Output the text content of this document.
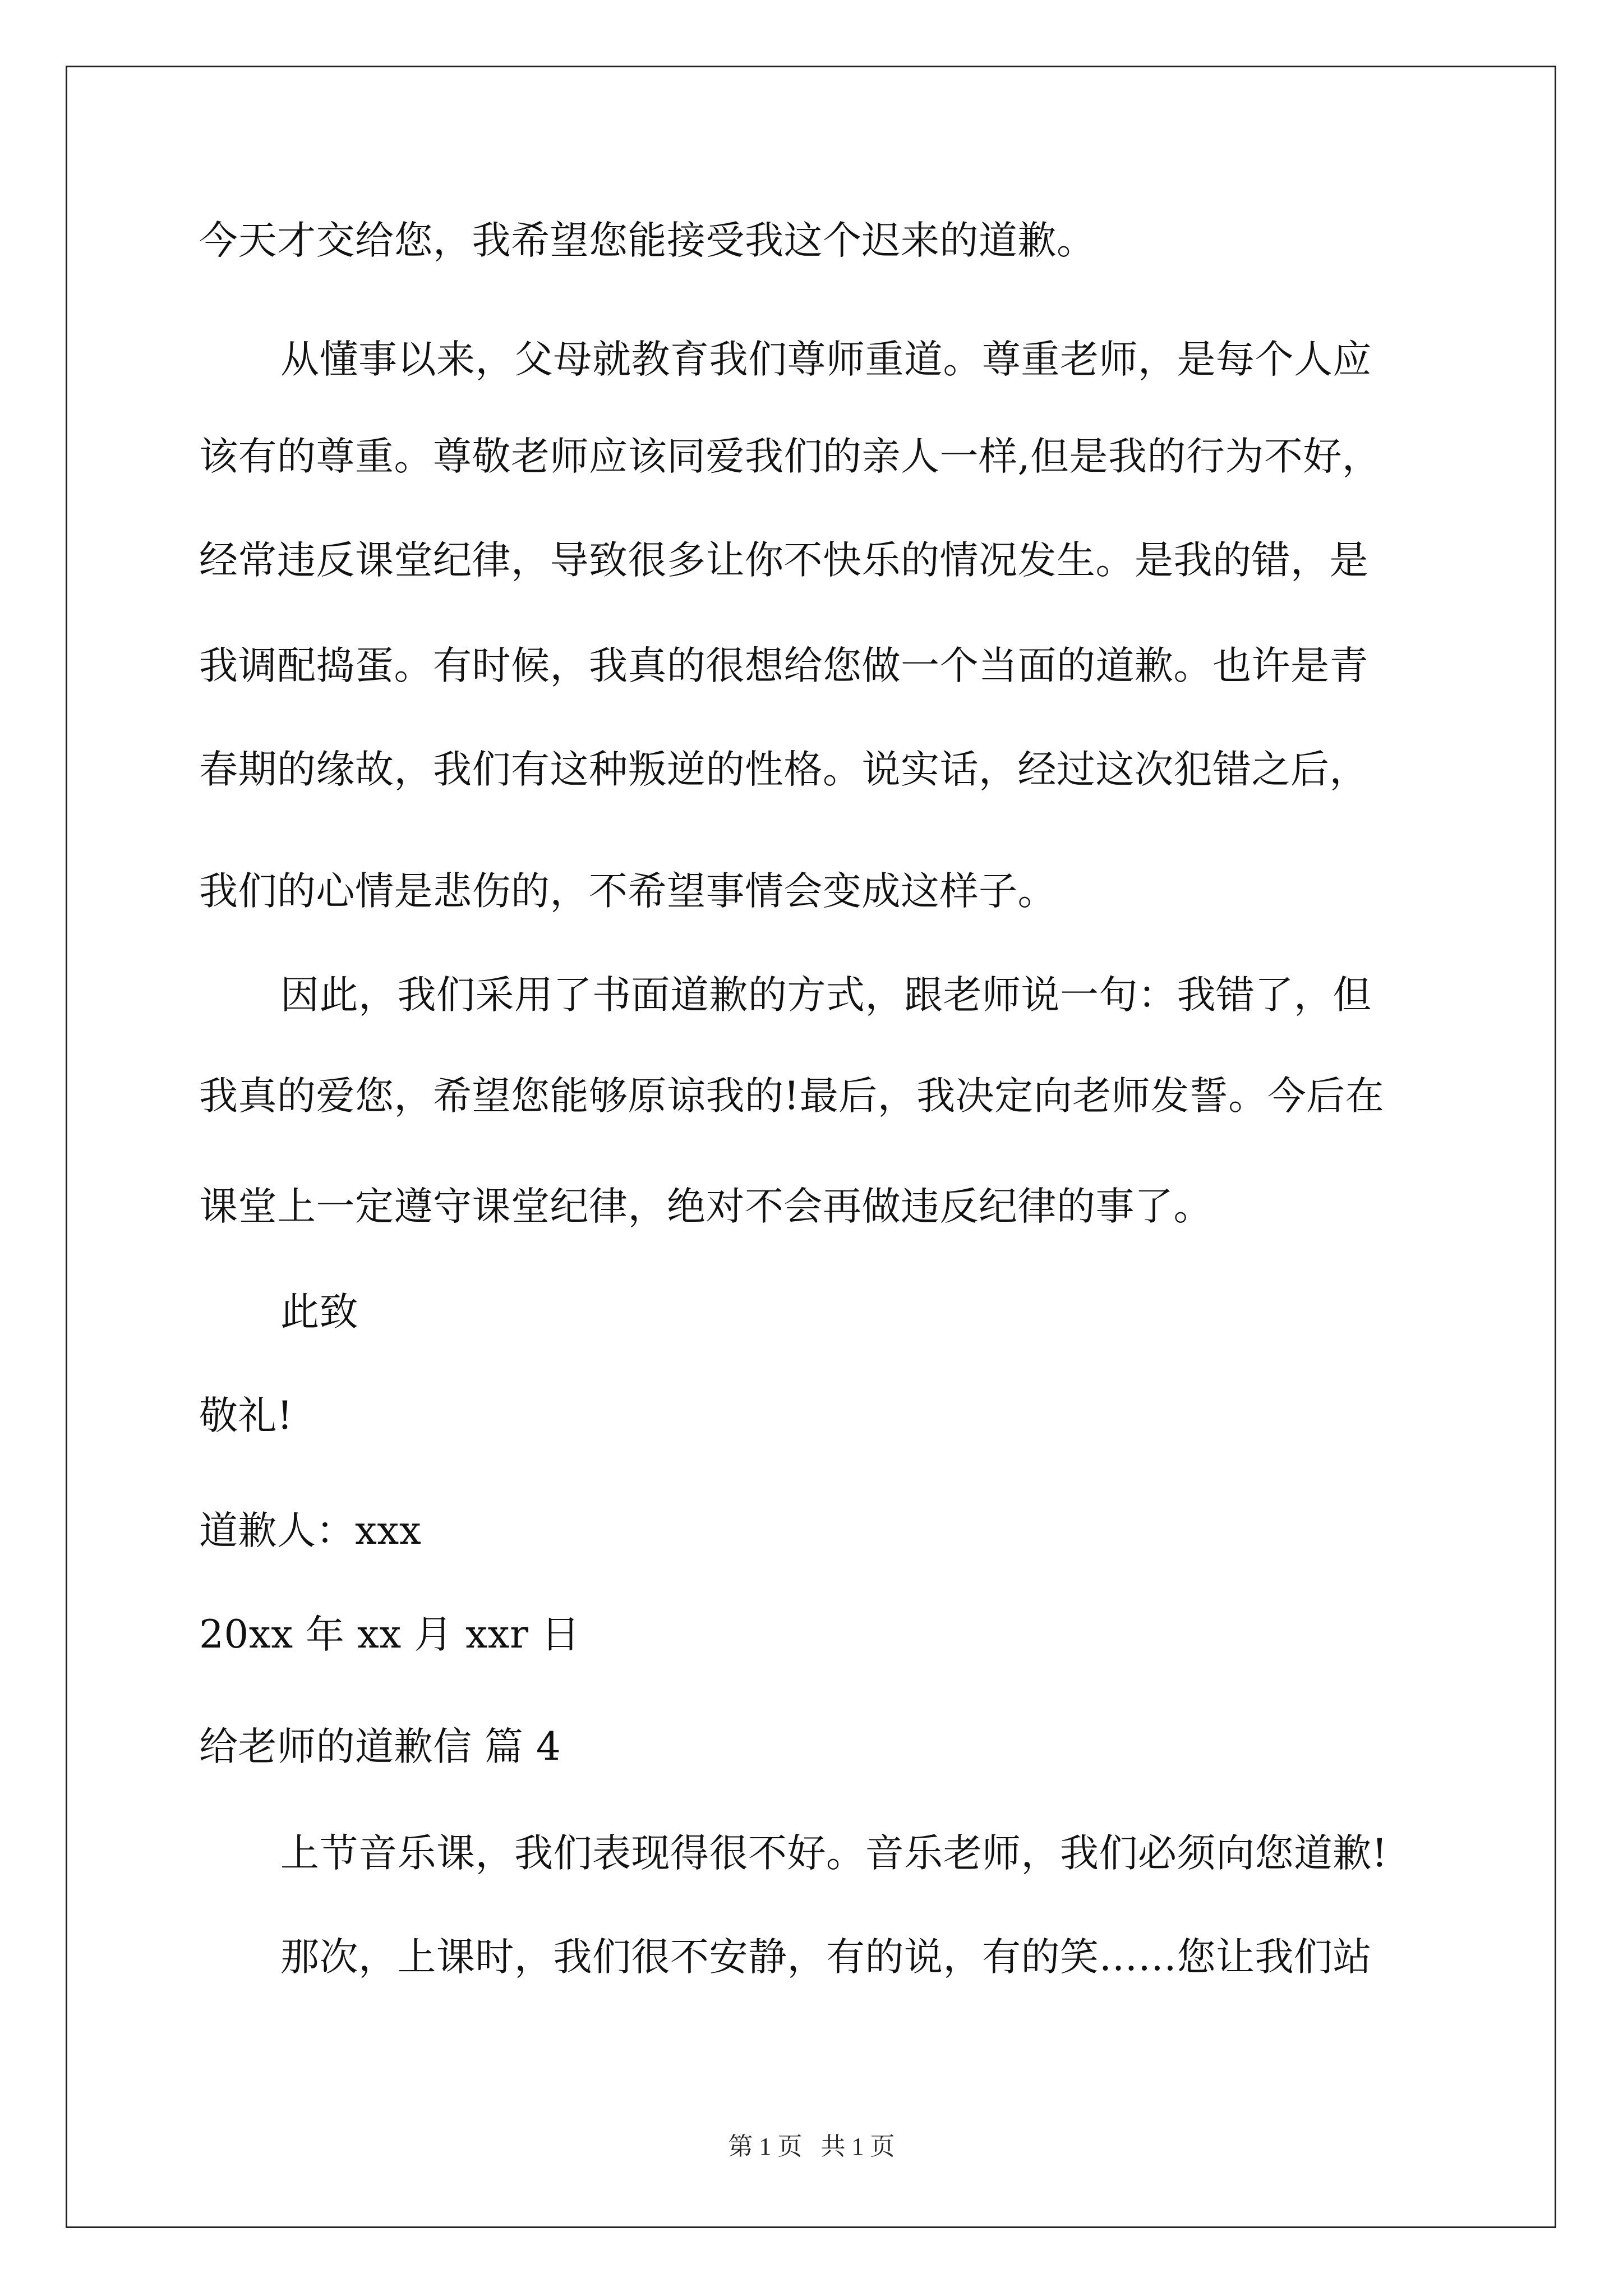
今天才交给您，我希望您能接受我这个迟来的道歉。
从懂事以来，父母就教育我们尊师重道。尊重老师，是每个人应
该有的尊重。尊敬老师应该同爱我们的亲人一样,但是我的行为不好，
经常违反课堂纪律，导致很多让你不快乐的情况发生。是我的错，是
我调配捣蛋。有时候，我真的很想给您做一个当面的道歉。也许是青
春期的缘故，我们有这种叛逆的性格。说实话，经过这次犯错之后，
我们的心情是悲伤的，不希望事情会变成这样子。
因此，我们采用了书面道歉的方式，跟老师说一句：我错了，但
我真的爱您，希望您能够原谅我的!最后，我决定向老师发誓。今后在
课堂上一定遵守课堂纪律，绝对不会再做违反纪律的事了。
此致
敬礼!
道歉人：xxx
20xx 年 xx 月 xxr 日
给老师的道歉信 篇 4
上节音乐课，我们表现得很不好。音乐老师，我们必须向您道歉!
那次，上课时，我们很不安静，有的说，有的笑……您让我们站
第 1 页   共 1 页
